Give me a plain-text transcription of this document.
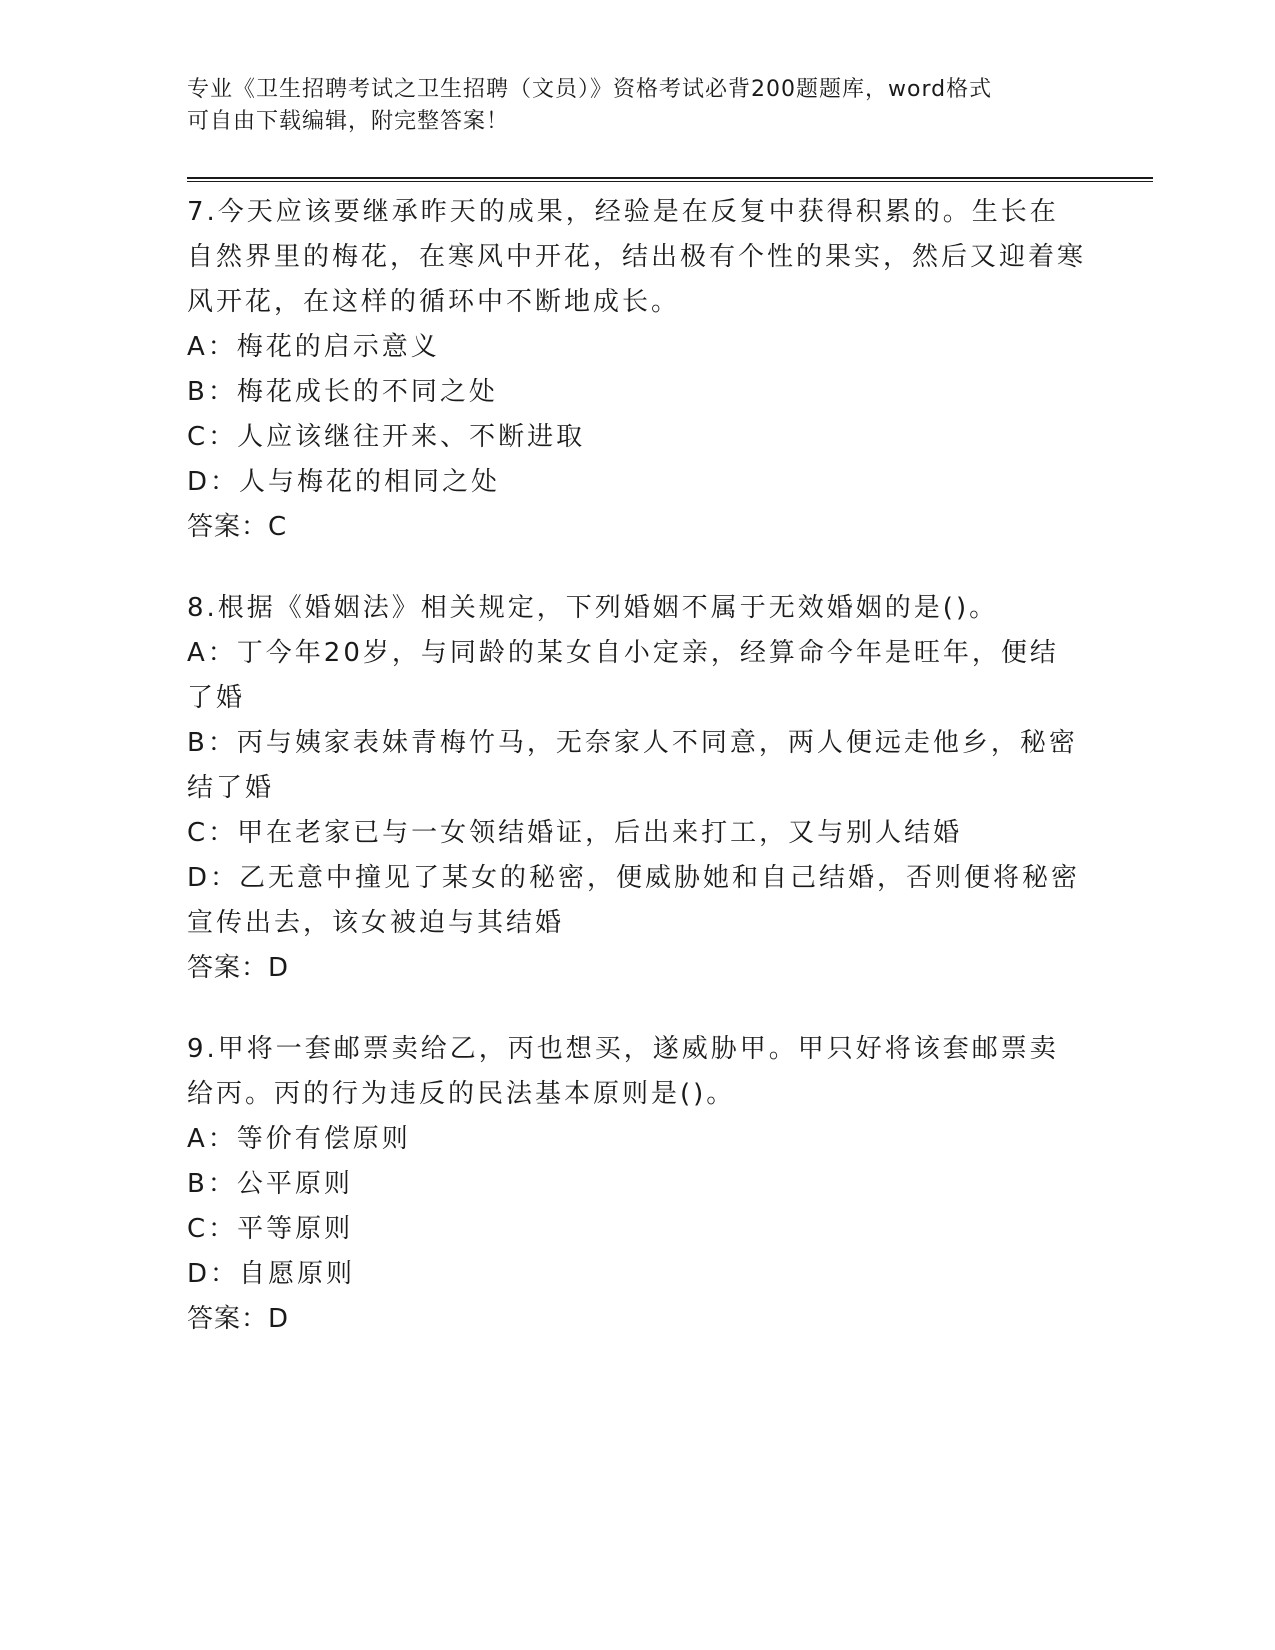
专业《卫生招聘考试之卫生招聘（文员）》资格考试必背200题题库，word格式
可自由下载编辑，附完整答案！

7.今天应该要继承昨天的成果，经验是在反复中获得积累的。生长在自然界里的梅花，在寒风中开花，结出极有个性的果实，然后又迎着寒风开花，在这样的循环中不断地成长。

A：梅花的启示意义

B：梅花成长的不同之处

C：人应该继往开来、不断进取

D：人与梅花的相同之处

答案：C

8.根据《婚姻法》相关规定，下列婚姻不属于无效婚姻的是()。

A：丁今年20岁，与同龄的某女自小定亲，经算命今年是旺年，便结了婚

B：丙与姨家表妹青梅竹马，无奈家人不同意，两人便远走他乡，秘密结了婚

C：甲在老家已与一女领结婚证，后出来打工，又与别人结婚

D：乙无意中撞见了某女的秘密，便威胁她和自己结婚，否则便将秘密宣传出去，该女被迫与其结婚

答案：D

9.甲将一套邮票卖给乙，丙也想买，遂威胁甲。甲只好将该套邮票卖给丙。丙的行为违反的民法基本原则是()。

A：等价有偿原则

B：公平原则

C：平等原则

D：自愿原则

答案：D
